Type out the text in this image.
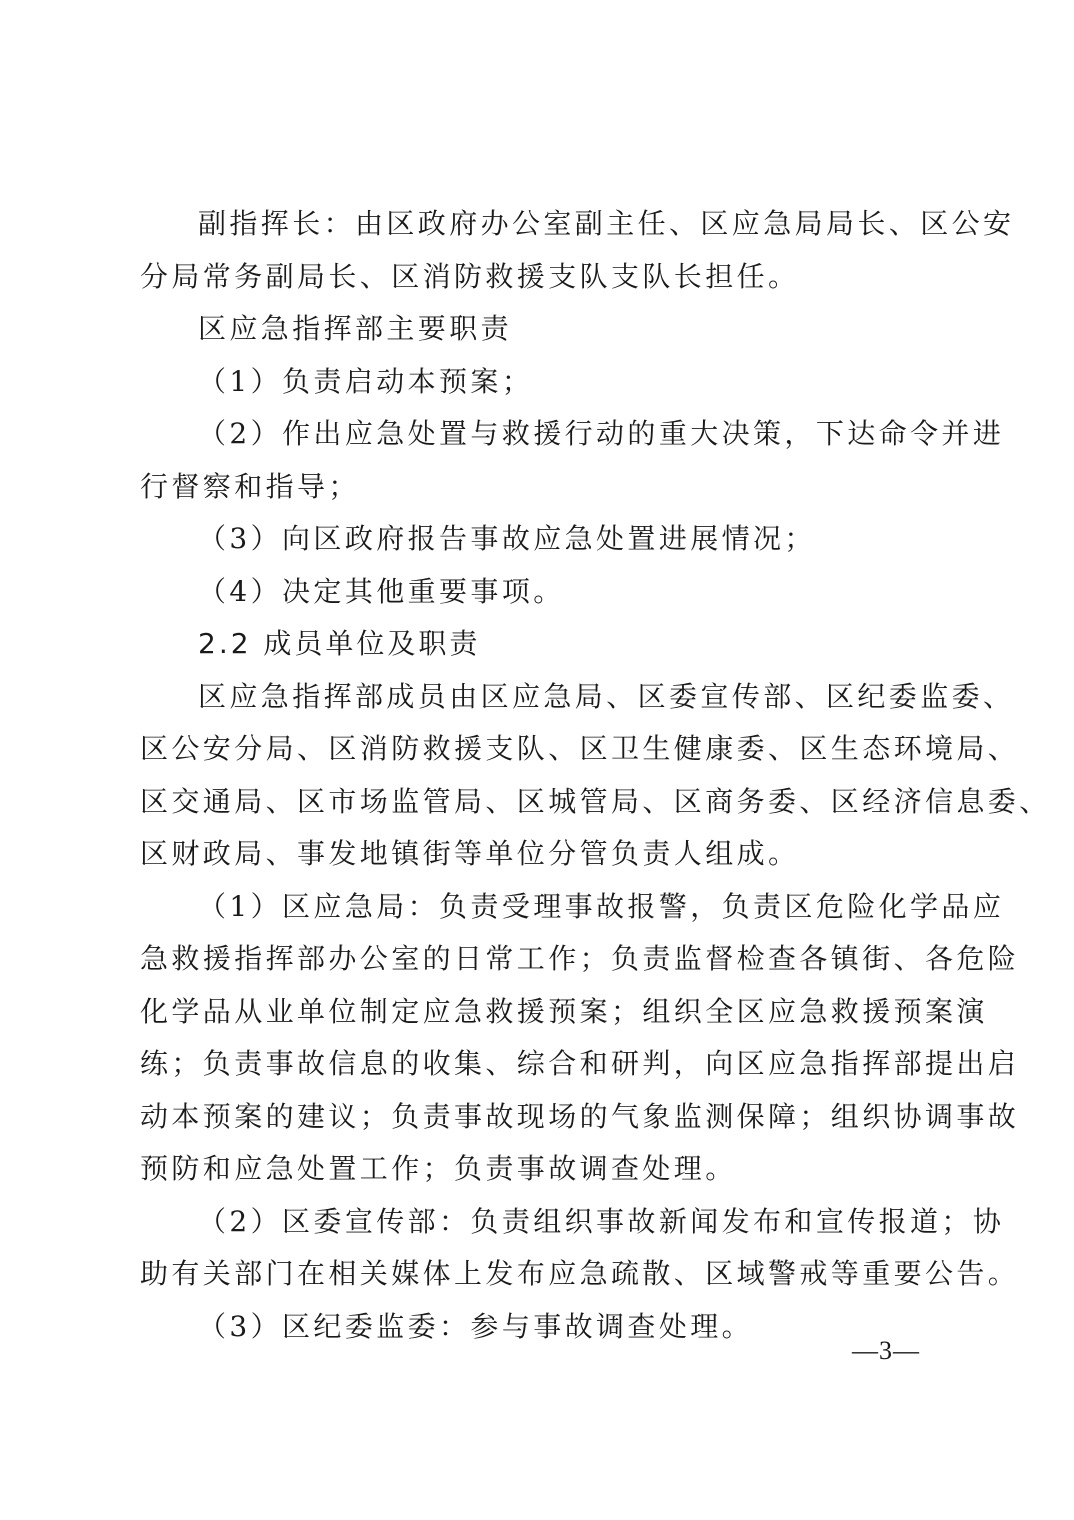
副指挥长：由区政府办公室副主任、区应急局局长、区公安
分局常务副局长、区消防救援支队支队长担任。
区应急指挥部主要职责
（1）负责启动本预案；
（2）作出应急处置与救援行动的重大决策，下达命令并进
行督察和指导；
（3）向区政府报告事故应急处置进展情况；
（4）决定其他重要事项。
2.2 成员单位及职责
区应急指挥部成员由区应急局、区委宣传部、区纪委监委、
区公安分局、区消防救援支队、区卫生健康委、区生态环境局、
区交通局、区市场监管局、区城管局、区商务委、区经济信息委、
区财政局、事发地镇街等单位分管负责人组成。
（1）区应急局：负责受理事故报警，负责区危险化学品应
急救援指挥部办公室的日常工作；负责监督检查各镇街、各危险
化学品从业单位制定应急救援预案；组织全区应急救援预案演
练；负责事故信息的收集、综合和研判，向区应急指挥部提出启
动本预案的建议；负责事故现场的气象监测保障；组织协调事故
预防和应急处置工作；负责事故调查处理。
（2）区委宣传部：负责组织事故新闻发布和宣传报道；协
助有关部门在相关媒体上发布应急疏散、区域警戒等重要公告。
（3）区纪委监委：参与事故调查处理。
—3—
